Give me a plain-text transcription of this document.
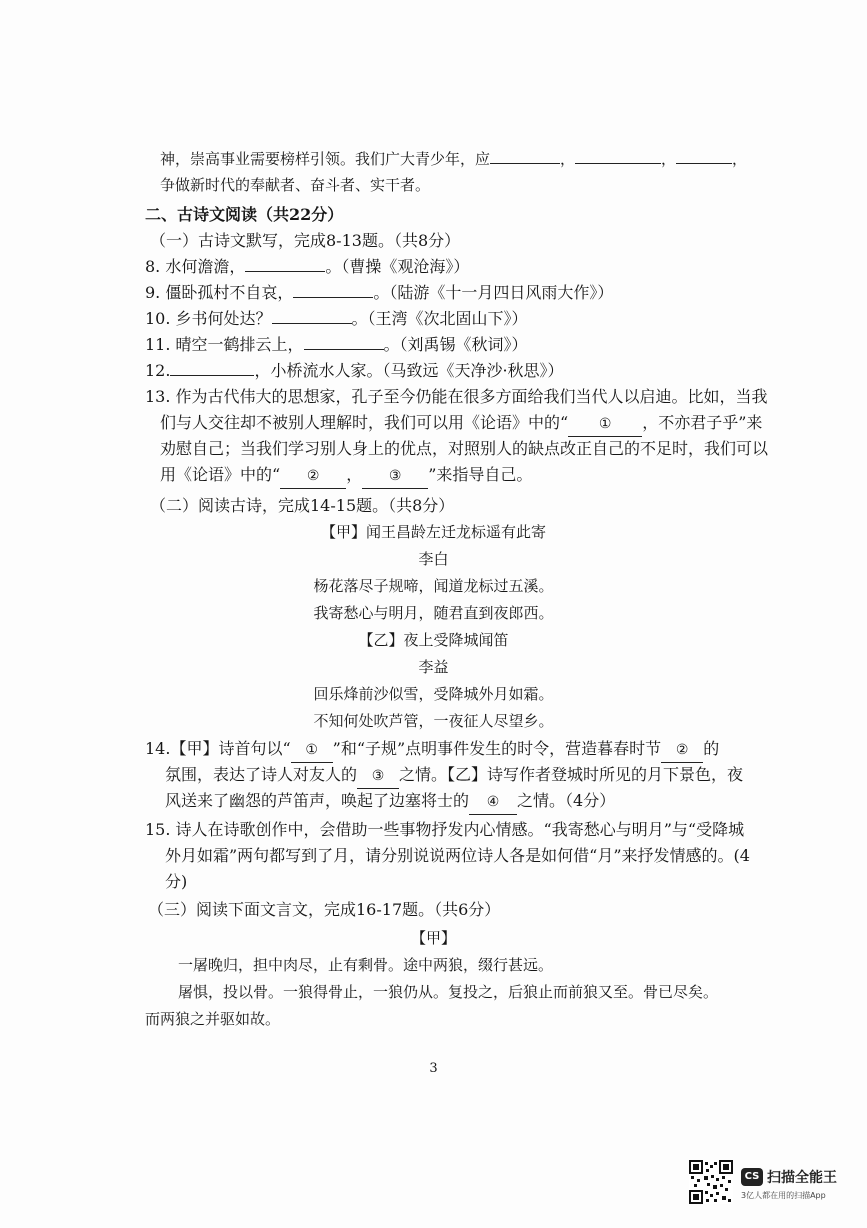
神，崇高事业需要榜样引领。我们广大青少年，应	，	，	，
争做新时代的奉献者、奋斗者、实干者。
二、古诗文阅读（共22分）
（一）古诗文默写，完成8-13题。（共8分）
8. 水何澹澹，	。（曹操《观沧海》）
9. 僵卧孤村不自哀，	。（陆游《十一月四日风雨大作》）
10. 乡书何处达？	。（王湾《次北固山下》）
11. 晴空一鹤排云上，	。（刘禹锡《秋词》）
12.	，小桥流水人家。（马致远《天净沙·秋思》）
13. 作为古代伟大的思想家，孔子至今仍能在很多方面给我们当代人以启迪。比如，当我
们与人交往却不被别人理解时，我们可以用《论语》中的“ ① ，不亦君子乎”来
劝慰自己；当我们学习别人身上的优点，对照别人的缺点改正自己的不足时，我们可以
用《论语》中的“ ② ， ③ ”来指导自己。
（二）阅读古诗，完成14-15题。（共8分）
【甲】闻王昌龄左迁龙标遥有此寄
李白
杨花落尽子规啼，闻道龙标过五溪。
我寄愁心与明月，随君直到夜郎西。
【乙】夜上受降城闻笛
李益
回乐烽前沙似雪，受降城外月如霜。
不知何处吹芦管，一夜征人尽望乡。
14.【甲】诗首句以“ ① ”和“子规”点明事件发生的时令，营造暮春时节 ② 的
氛围，表达了诗人对友人的 ③ 之情。【乙】诗写作者登城时所见的月下景色，夜
风送来了幽怨的芦笛声，唤起了边塞将士的 ④ 之情。（4分）
15. 诗人在诗歌创作中，会借助一些事物抒发内心情感。“我寄愁心与明月”与“受降城
外月如霜”两句都写到了月，请分别说说两位诗人各是如何借“月”来抒发情感的。(4
分)
（三）阅读下面文言文，完成16-17题。（共6分）
【甲】
一屠晚归，担中肉尽，止有剩骨。途中两狼，缀行甚远。
屠惧，投以骨。一狼得骨止，一狼仍从。复投之，后狼止而前狼又至。骨已尽矣。
而两狼之并驱如故。
3
CS 扫描全能王
3亿人都在用的扫描App
